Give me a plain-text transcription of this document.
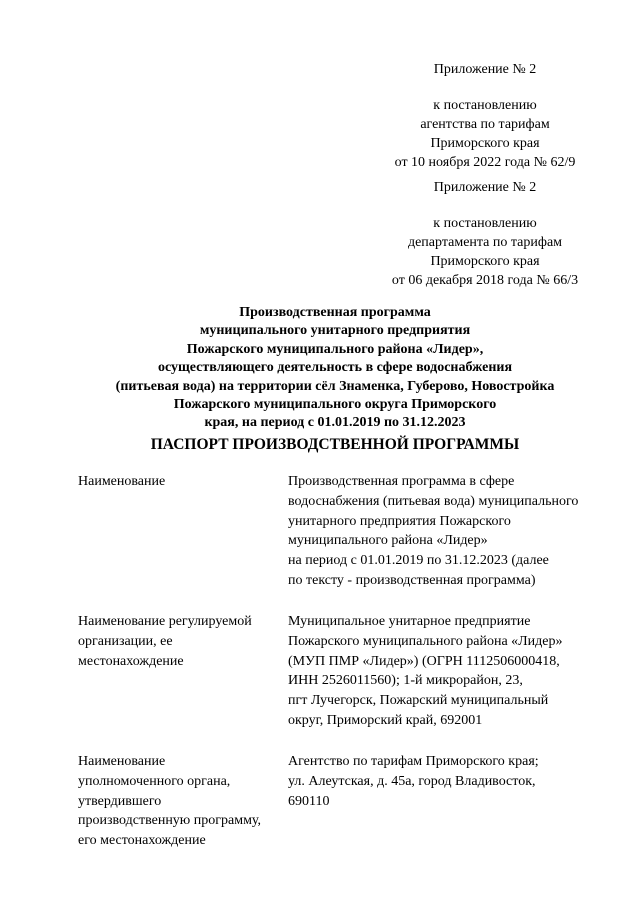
Приложение № 2
к постановлению
агентства по тарифам
Приморского края
от 10 ноября 2022 года № 62/9
Приложение № 2
к постановлению
департамента по тарифам
Приморского края
от 06 декабря 2018 года № 66/3
Производственная программа
муниципального унитарного предприятия
Пожарского муниципального района «Лидер»,
осуществляющего деятельность в сфере водоснабжения
(питьевая вода) на территории сёл Знаменка, Губерово, Новостройка
Пожарского муниципального округа Приморского
края, на период с 01.01.2019 по 31.12.2023
ПАСПОРТ ПРОИЗВОДСТВЕННОЙ ПРОГРАММЫ
Наименование	Производственная программа в сфере
водоснабжения (питьевая вода) муниципального
унитарного предприятия Пожарского
муниципального района «Лидер»
на период с 01.01.2019 по 31.12.2023 (далее
по тексту - производственная программа)
Наименование регулируемой
организации, ее
местонахождение
Муниципальное унитарное предприятие
Пожарского муниципального района «Лидер»
(МУП ПМР «Лидер») (ОГРН 1112506000418,
ИНН 2526011560); 1-й микрорайон, 23,
пгт Лучегорск, Пожарский муниципальный
округ, Приморский край, 692001
Наименование
уполномоченного органа,
утвердившего
производственную программу,
его местонахождение
Агентство по тарифам Приморского края;
ул. Алеутская, д. 45а, город Владивосток,
690110
